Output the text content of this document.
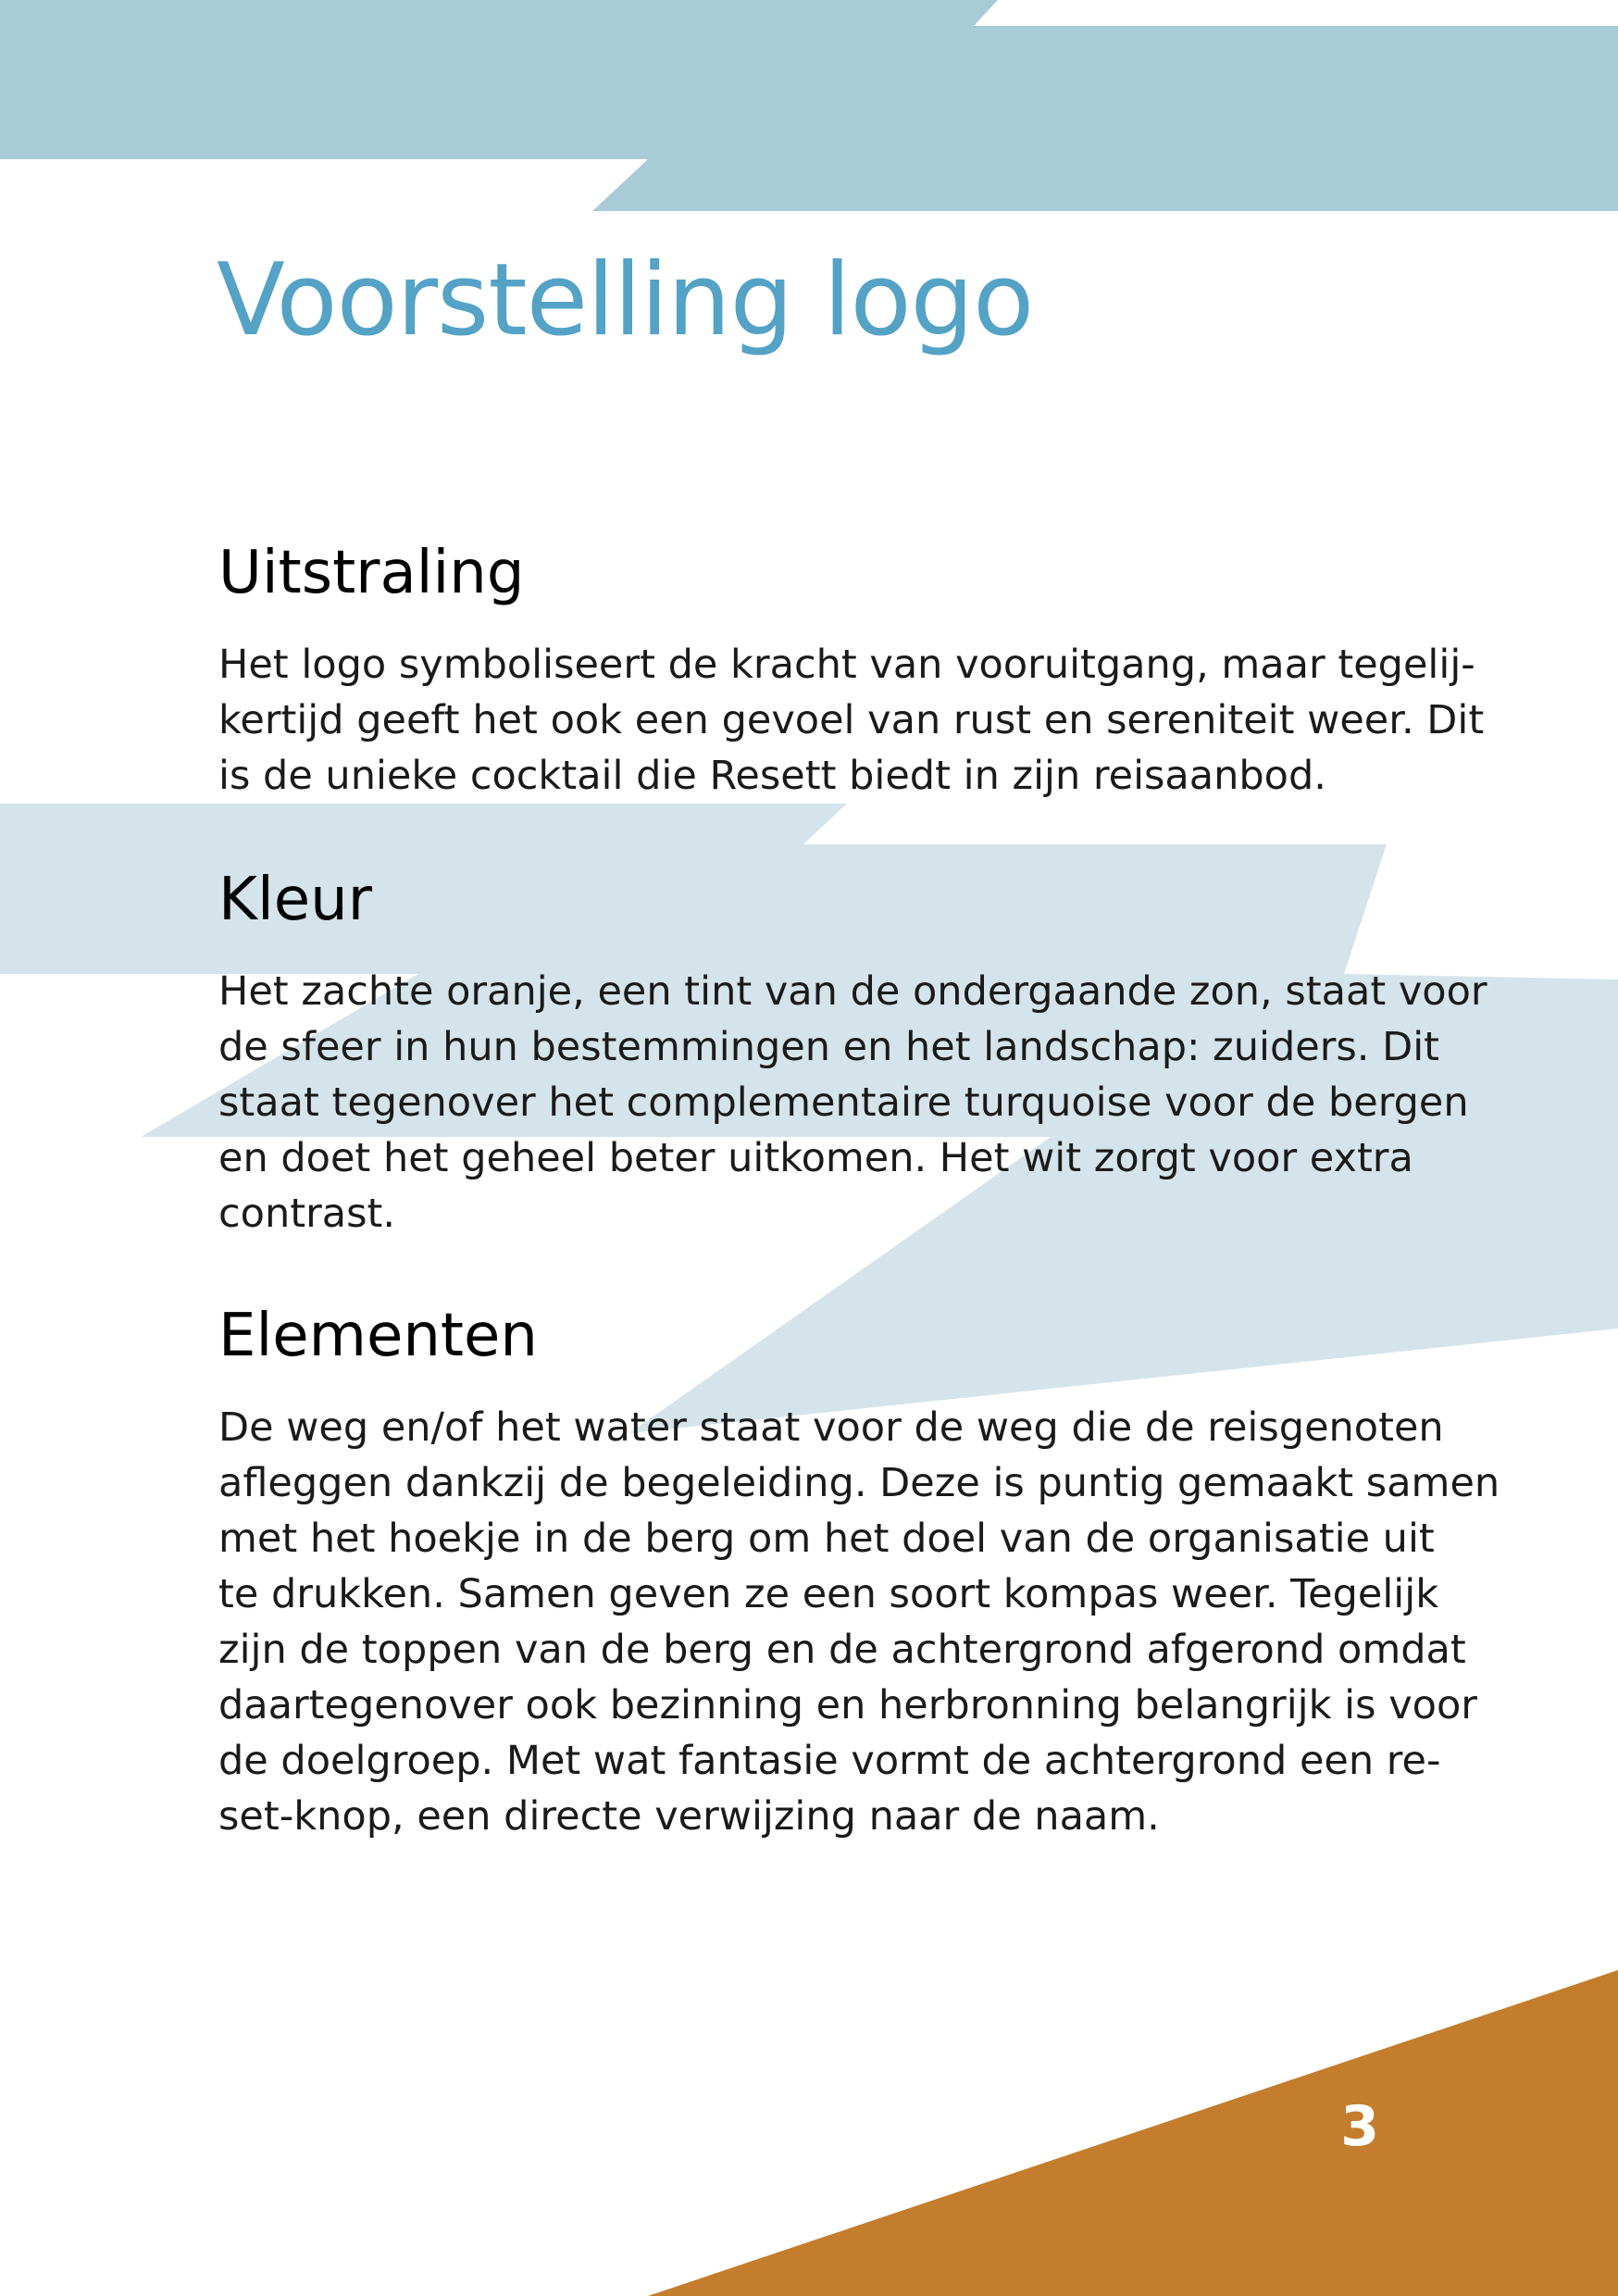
Voorstelling logo
Uitstraling

Het logo symboliseert de kracht van vooruitgang, maar tegelij-
kertijd geeft het ook een gevoel van rust en sereniteit weer. Dit
is de unieke cocktail die Resett biedt in zijn reisaanbod.

Kleur

Het zachte oranje, een tint van de ondergaande zon, staat voor
de sfeer in hun bestemmingen en het landschap: zuiders. Dit
staat tegenover het complementaire turquoise voor de bergen
en doet het geheel beter uitkomen. Het wit zorgt voor extra
contrast.

Elementen

De weg en/of het water staat voor de weg die de reisgenoten
afleggen dankzij de begeleiding. Deze is puntig gemaakt samen
met het hoekje in de berg om het doel van de organisatie uit
te drukken. Samen geven ze een soort kompas weer. Tegelijk
zijn de toppen van de berg en de achtergrond afgerond omdat
daartegenover ook bezinning en herbronning belangrijk is voor
de doelgroep. Met wat fantasie vormt de achtergrond een re-
set-knop, een directe verwijzing naar de naam.

3
